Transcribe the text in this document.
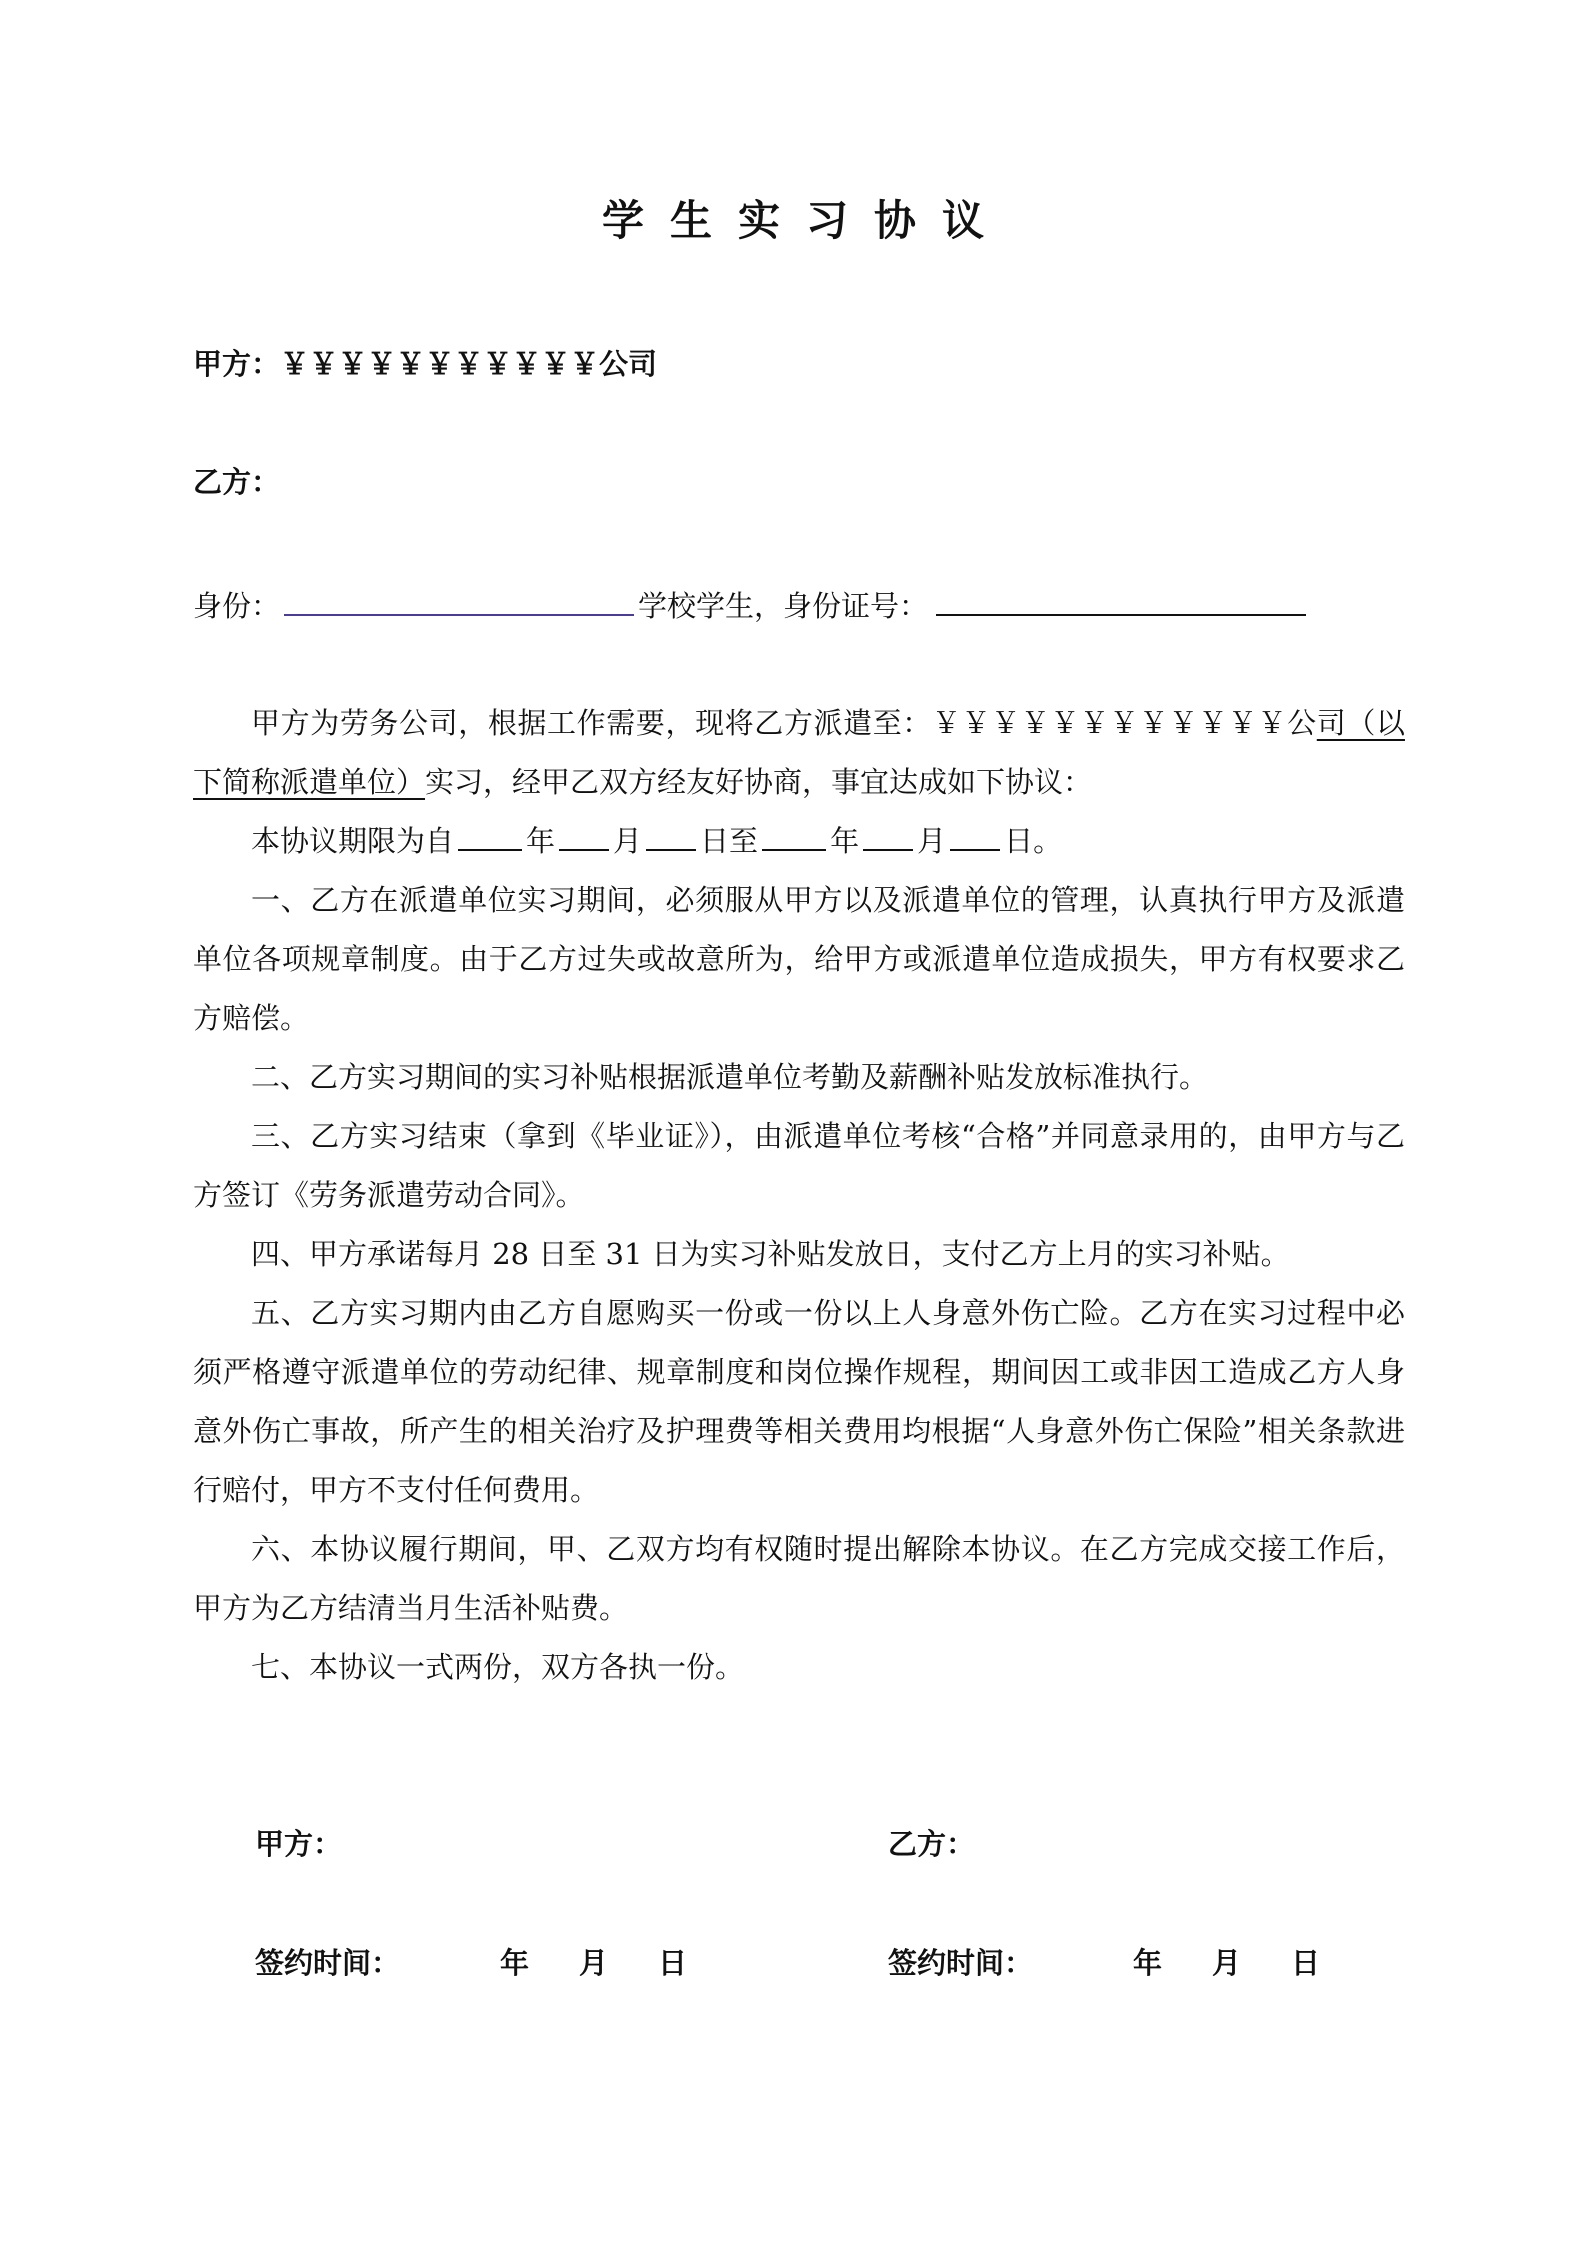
学生实习协议
甲方：￥￥￥￥￥￥￥￥￥￥￥公司
乙方：
身份：	学校学生，身份证号：

甲方为劳务公司，根据工作需要，现将乙方派遣至：￥￥￥￥￥￥￥￥￥￥￥￥公司（以下简称派遣单位）实习，经甲乙双方经友好协商，事宜达成如下协议：

本协议期限为自 年 月 日至 年 月 日。

一、乙方在派遣单位实习期间，必须服从甲方以及派遣单位的管理，认真执行甲方及派遣单位各项规章制度。由于乙方过失或故意所为，给甲方或派遣单位造成损失，甲方有权要求乙方赔偿。

二、乙方实习期间的实习补贴根据派遣单位考勤及薪酬补贴发放标准执行。

三、乙方实习结束（拿到《毕业证》），由派遣单位考核“合格”并同意录用的，由甲方与乙方签订《劳务派遣劳动合同》。

四、甲方承诺每月 28 日至 31 日为实习补贴发放日，支付乙方上月的实习补贴。

五、乙方实习期内由乙方自愿购买一份或一份以上人身意外伤亡险。乙方在实习过程中必须严格遵守派遣单位的劳动纪律、规章制度和岗位操作规程，期间因工或非因工造成乙方人身意外伤亡事故，所产生的相关治疗及护理费等相关费用均根据“人身意外伤亡保险”相关条款进行赔付，甲方不支付任何费用。

六、本协议履行期间，甲、乙双方均有权随时提出解除本协议。在乙方完成交接工作后，甲方为乙方结清当月生活补贴费。

七、本协议一式两份，双方各执一份。

甲方：	乙方：
签约时间：	年 月 日	签约时间：	年 月 日
